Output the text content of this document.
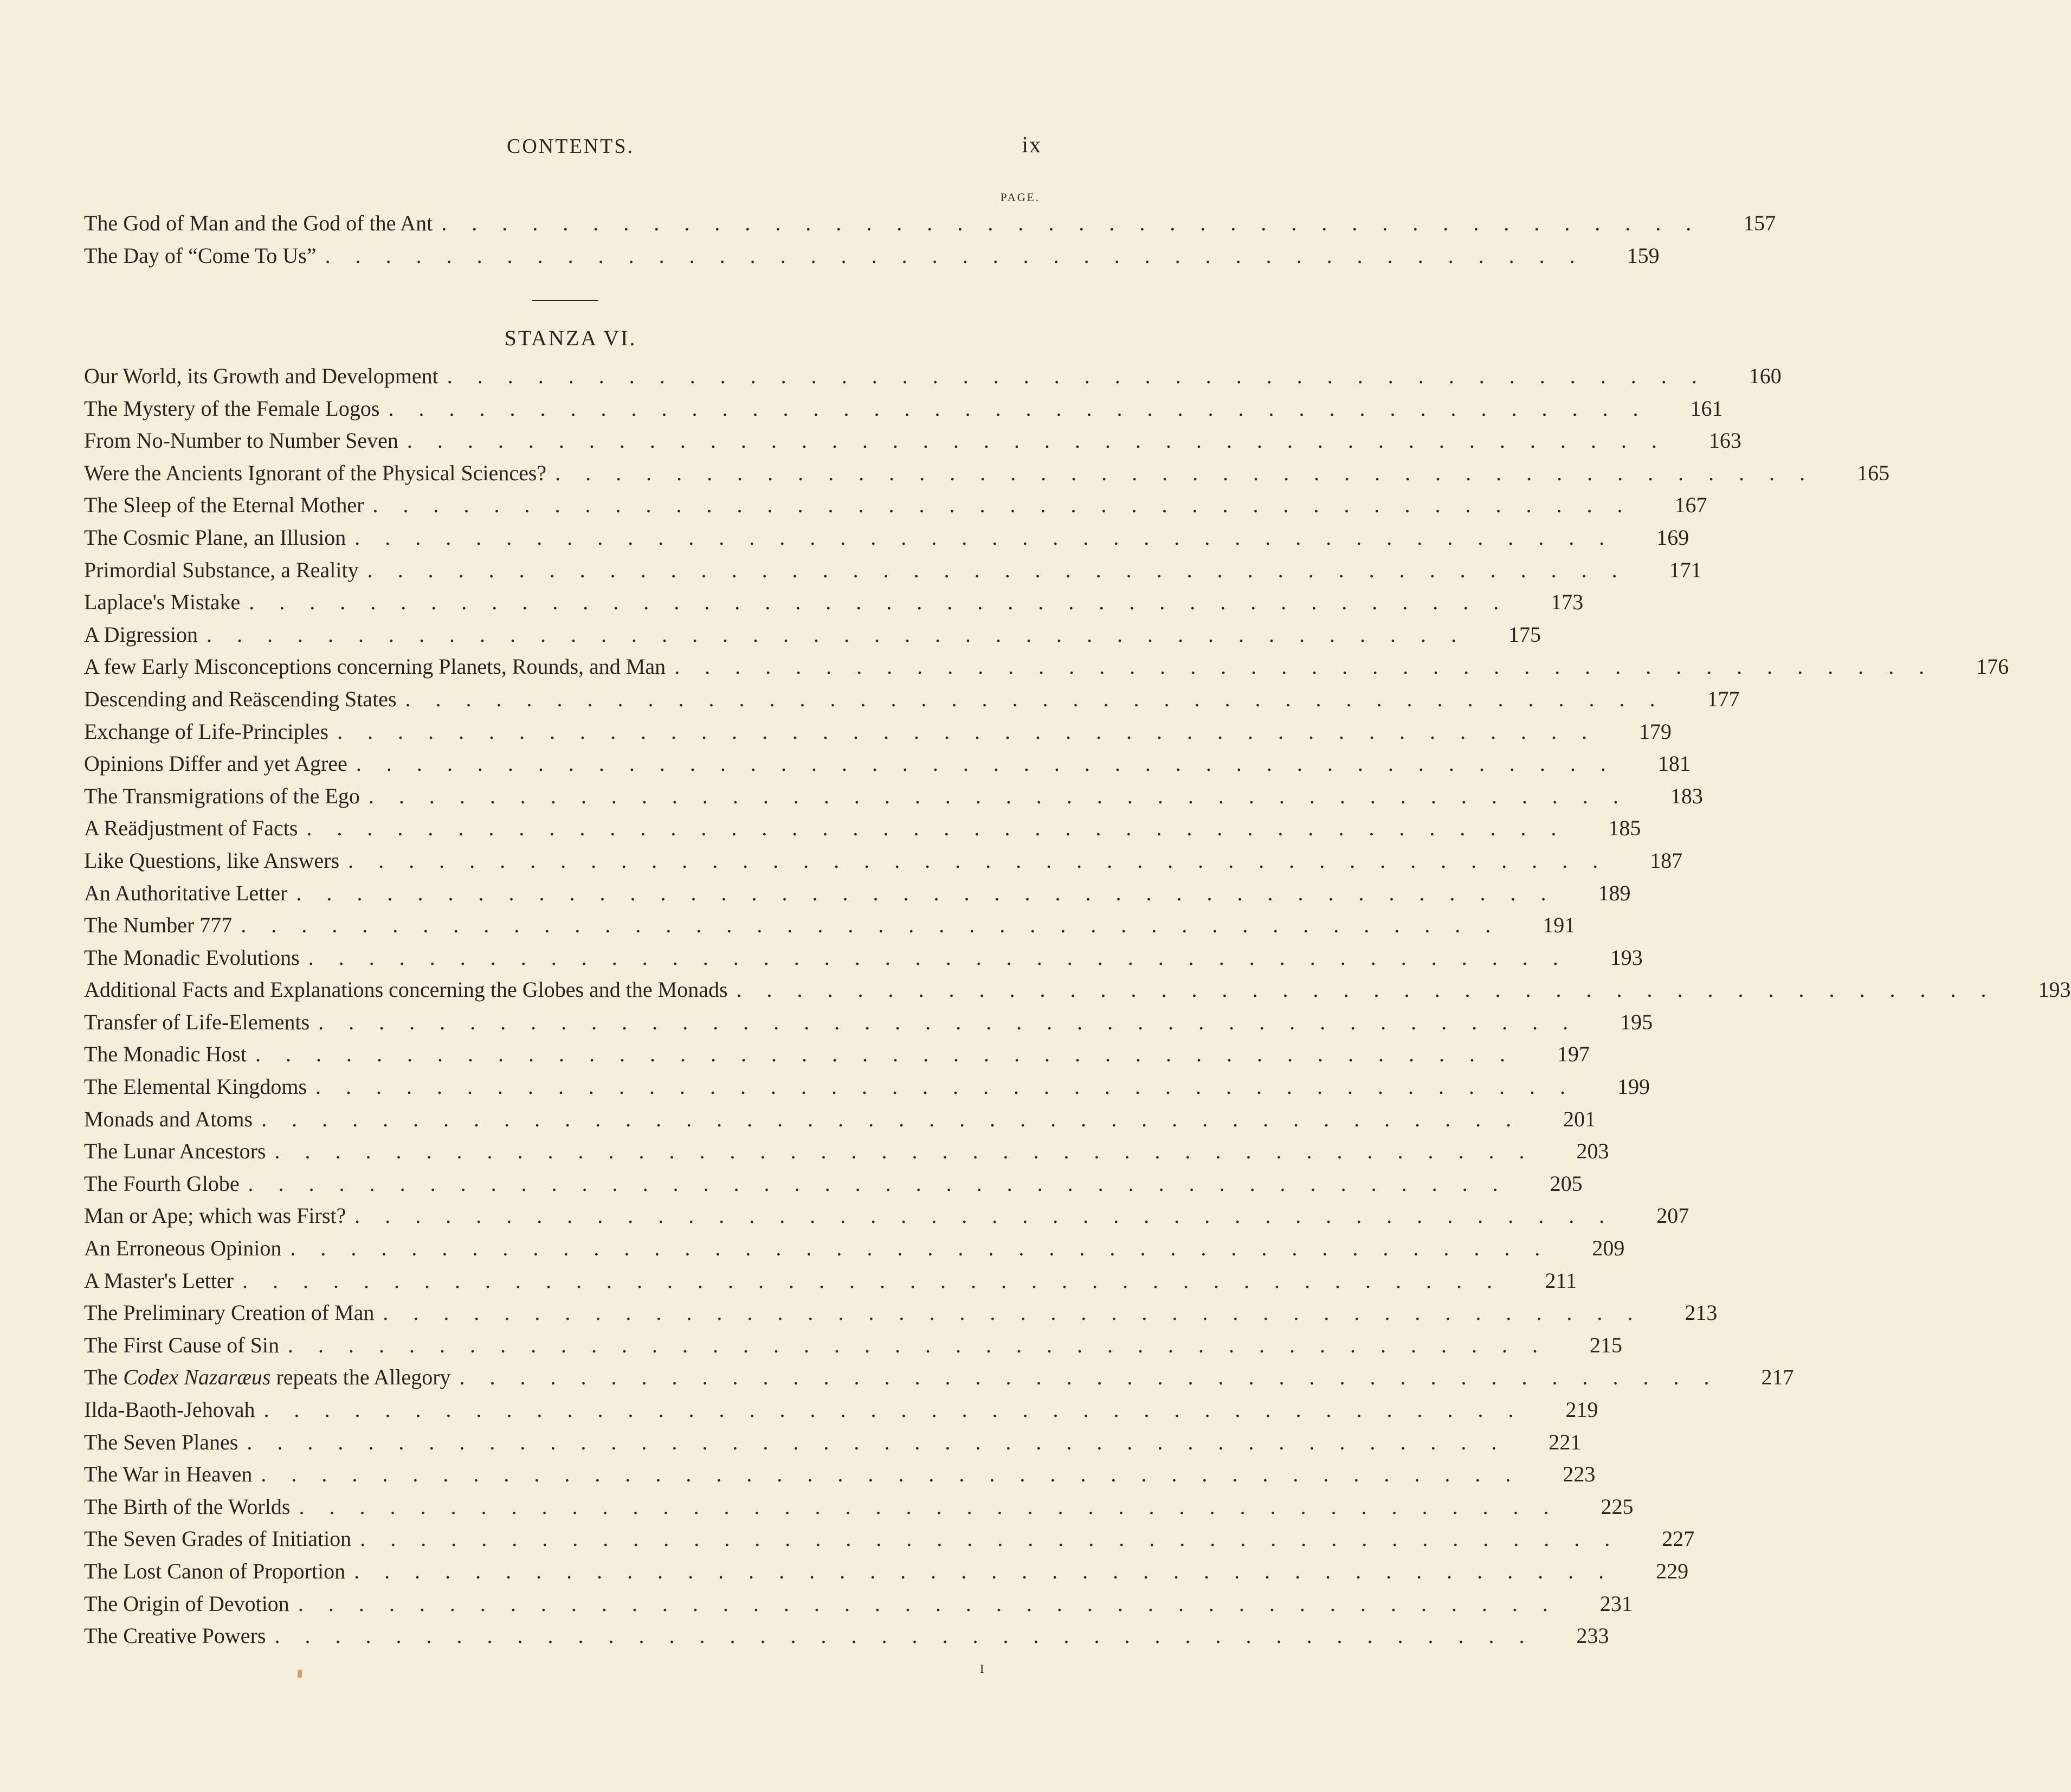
CONTENTS.	ix
PAGE.
The God of Man and the God of the Ant ..........................................	157
The Day of “Come To Us” ..........................................	159
STANZA VI.
Our World, its Growth and Development ..........................................	160
The Mystery of the Female Logos ..........................................	161
From No-Number to Number Seven ..........................................	163
Were the Ancients Ignorant of the Physical Sciences? ..........................................	165
The Sleep of the Eternal Mother ..........................................	167
The Cosmic Plane, an Illusion ..........................................	169
Primordial Substance, a Reality ..........................................	171
Laplace's Mistake ..........................................	173
A Digression ..........................................	175
A few Early Misconceptions concerning Planets, Rounds, and Man ..........................................	176
Descending and Reäscending States ..........................................	177
Exchange of Life-Principles ..........................................	179
Opinions Differ and yet Agree ..........................................	181
The Transmigrations of the Ego ..........................................	183
A Reädjustment of Facts ..........................................	185
Like Questions, like Answers ..........................................	187
An Authoritative Letter ..........................................	189
The Number 777 ..........................................	191
The Monadic Evolutions ..........................................	193
Additional Facts and Explanations concerning the Globes and the Monads ..........................................	193
Transfer of Life-Elements ..........................................	195
The Monadic Host ..........................................	197
The Elemental Kingdoms ..........................................	199
Monads and Atoms ..........................................	201
The Lunar Ancestors ..........................................	203
The Fourth Globe ..........................................	205
Man or Ape; which was First? ..........................................	207
An Erroneous Opinion ..........................................	209
A Master's Letter ..........................................	211
The Preliminary Creation of Man ..........................................	213
The First Cause of Sin ..........................................	215
The Codex Nazaræus repeats the Allegory ..........................................	217
Ilda-Baoth-Jehovah ..........................................	219
The Seven Planes ..........................................	221
The War in Heaven ..........................................	223
The Birth of the Worlds ..........................................	225
The Seven Grades of Initiation ..........................................	227
The Lost Canon of Proportion ..........................................	229
The Origin of Devotion ..........................................	231
The Creative Powers ..........................................	233
I
